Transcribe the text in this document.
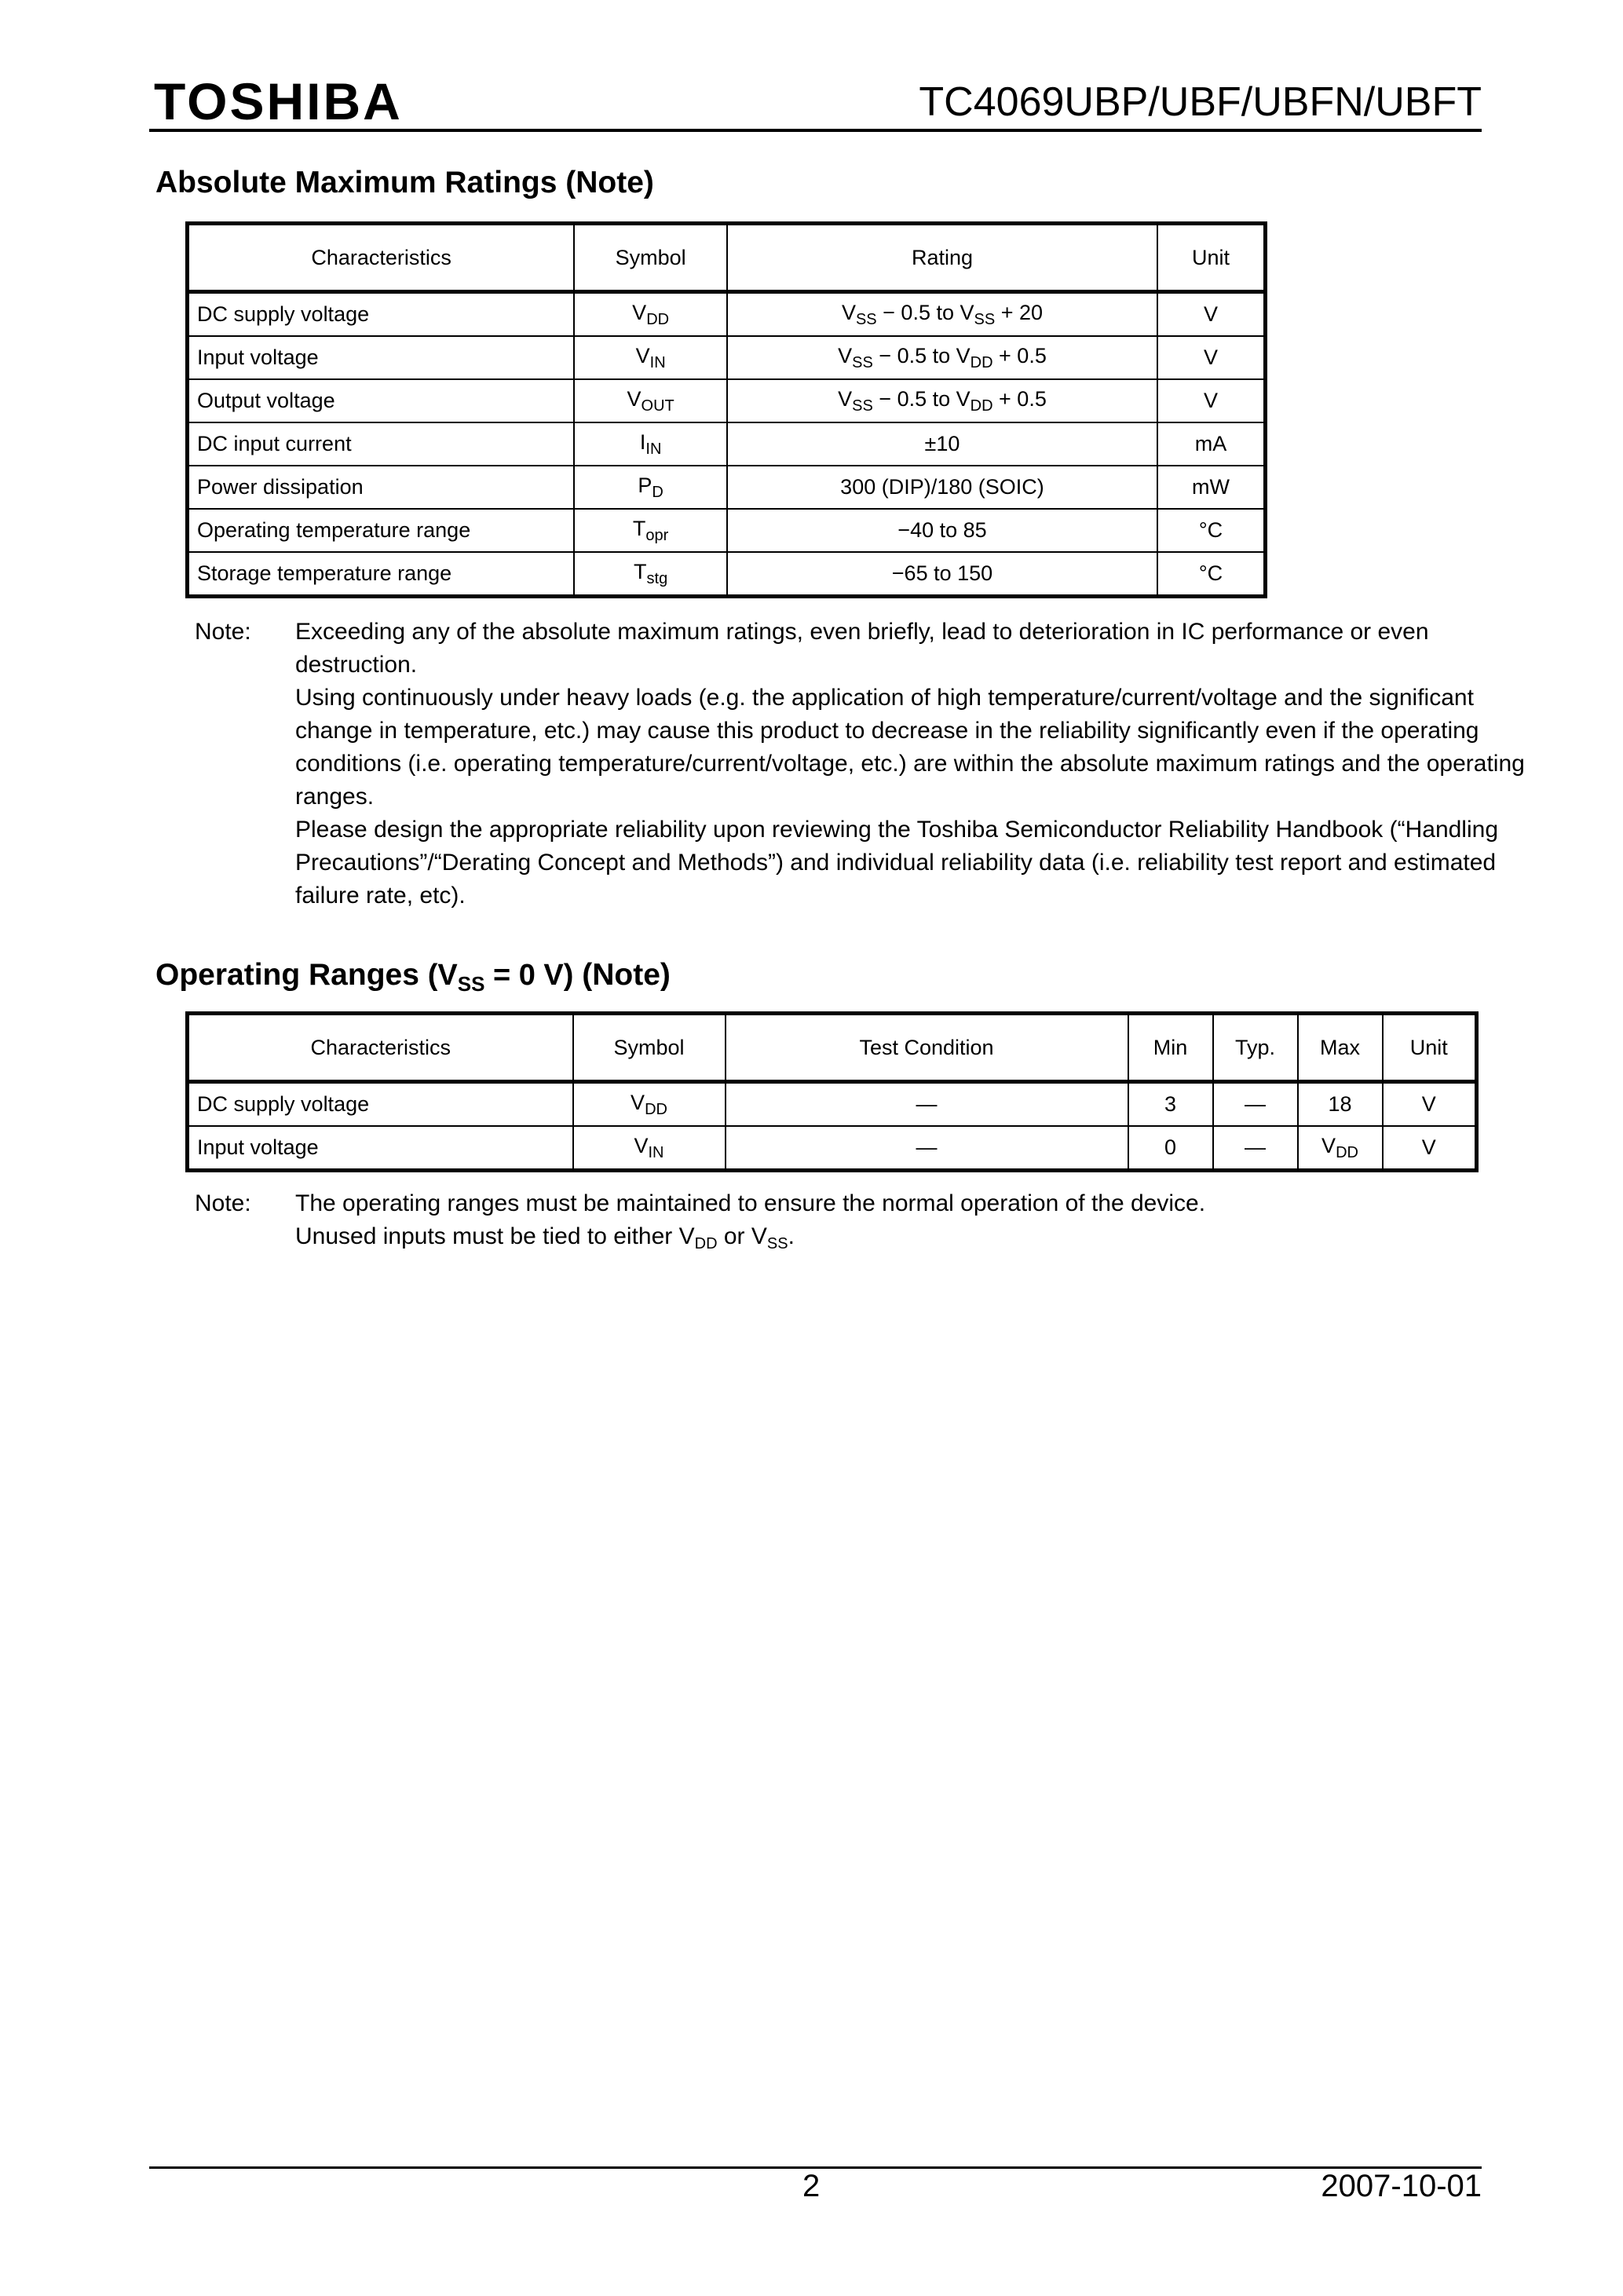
TOSHIBA	TC4069UBP/UBF/UBFN/UBFT
Absolute Maximum Ratings (Note)
Characteristics	Symbol	Rating	Unit
DC supply voltage	$V_{DD}$	$V_{SS} - 0.5$ to $V_{SS} + 20$	V
Input voltage	$V_{IN}$	$V_{SS} - 0.5$ to $V_{DD} + 0.5$	V
Output voltage	$V_{OUT}$	$V_{SS} - 0.5$ to $V_{DD} + 0.5$	V
DC input current	$I_{IN}$	±10	mA
Power dissipation	$P_D$	300 (DIP)/180 (SOIC)	mW
Operating temperature range	$T_{opr}$	−40 to 85	°C
Storage temperature range	$T_{stg}$	−65 to 150	°C
Note: Exceeding any of the absolute maximum ratings, even briefly, lead to deterioration in IC performance or even destruction.

Using continuously under heavy loads (e.g. the application of high temperature/current/voltage and the significant change in temperature, etc.) may cause this product to decrease in the reliability significantly even if the operating conditions (i.e. operating temperature/current/voltage, etc.) are within the absolute maximum ratings and the operating ranges.

Please design the appropriate reliability upon reviewing the Toshiba Semiconductor Reliability Handbook (“Handling Precautions”/“Derating Concept and Methods”) and individual reliability data (i.e. reliability test report and estimated failure rate, etc).

Operating Ranges ($V_{SS} = 0$ V) (Note)
Characteristics	Symbol	Test Condition	Min	Typ.	Max	Unit
DC supply voltage	$V_{DD}$	—	3	—	18	V
Input voltage	$V_{IN}$	—	0	—	$V_{DD}$	V
Note: The operating ranges must be maintained to ensure the normal operation of the device.

Unused inputs must be tied to either $V_{DD}$ or $V_{SS}$.

2	2007-10-01
